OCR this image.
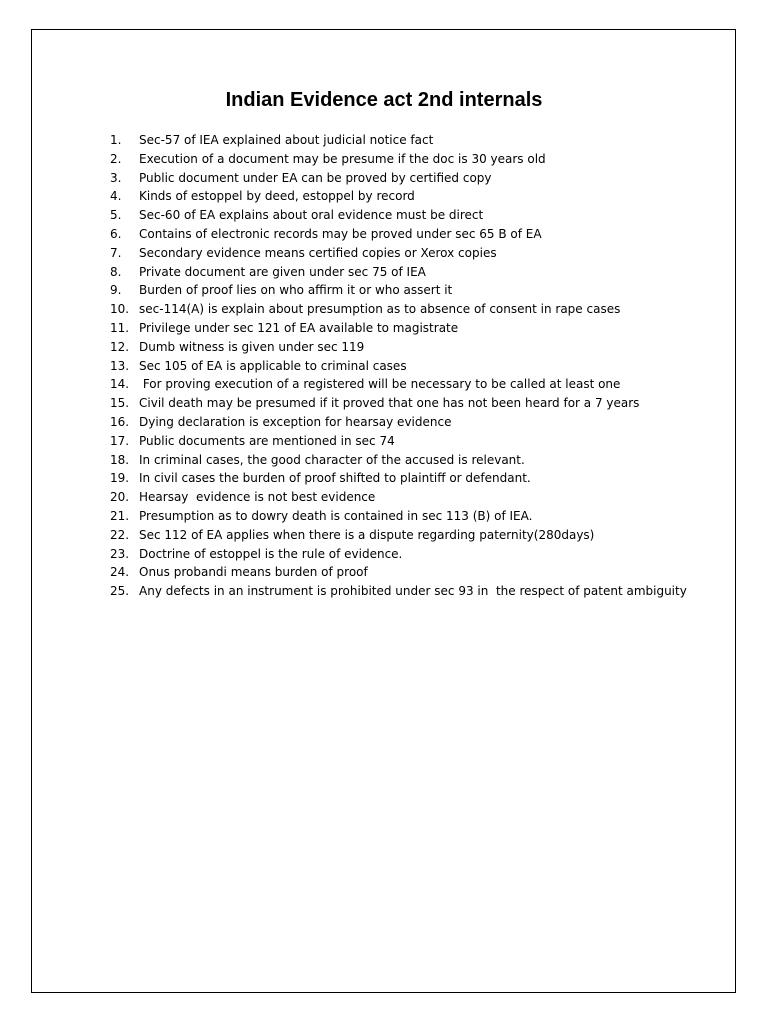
Indian Evidence act 2nd internals
1.	Sec-57 of IEA explained about judicial notice fact
2.	Execution of a document may be presume if the doc is 30 years old
3.	Public document under EA can be proved by certified copy
4.	Kinds of estoppel by deed, estoppel by record
5.	Sec-60 of EA explains about oral evidence must be direct
6.	Contains of electronic records may be proved under sec 65 B of EA
7.	Secondary evidence means certified copies or Xerox copies
8.	Private document are given under sec 75 of IEA
9.	Burden of proof lies on who affirm it or who assert it
10. sec-114(A) is explain about presumption as to absence of consent in rape cases
11. Privilege under sec 121 of EA available to magistrate
12. Dumb witness is given under sec 119
13. Sec 105 of EA is applicable to criminal cases
14. For proving execution of a registered will be necessary to be called at least one
15. Civil death may be presumed if it proved that one has not been heard for a 7 years
16. Dying declaration is exception for hearsay evidence
17. Public documents are mentioned in sec 74
18. In criminal cases, the good character of the accused is relevant.
19. In civil cases the burden of proof shifted to plaintiff or defendant.
20. Hearsay  evidence is not best evidence
21. Presumption as to dowry death is contained in sec 113 (B) of IEA.
22. Sec 112 of EA applies when there is a dispute regarding paternity(280days)
23. Doctrine of estoppel is the rule of evidence.
24. Onus probandi means burden of proof
25. Any defects in an instrument is prohibited under sec 93 in  the respect of patent ambiguity
